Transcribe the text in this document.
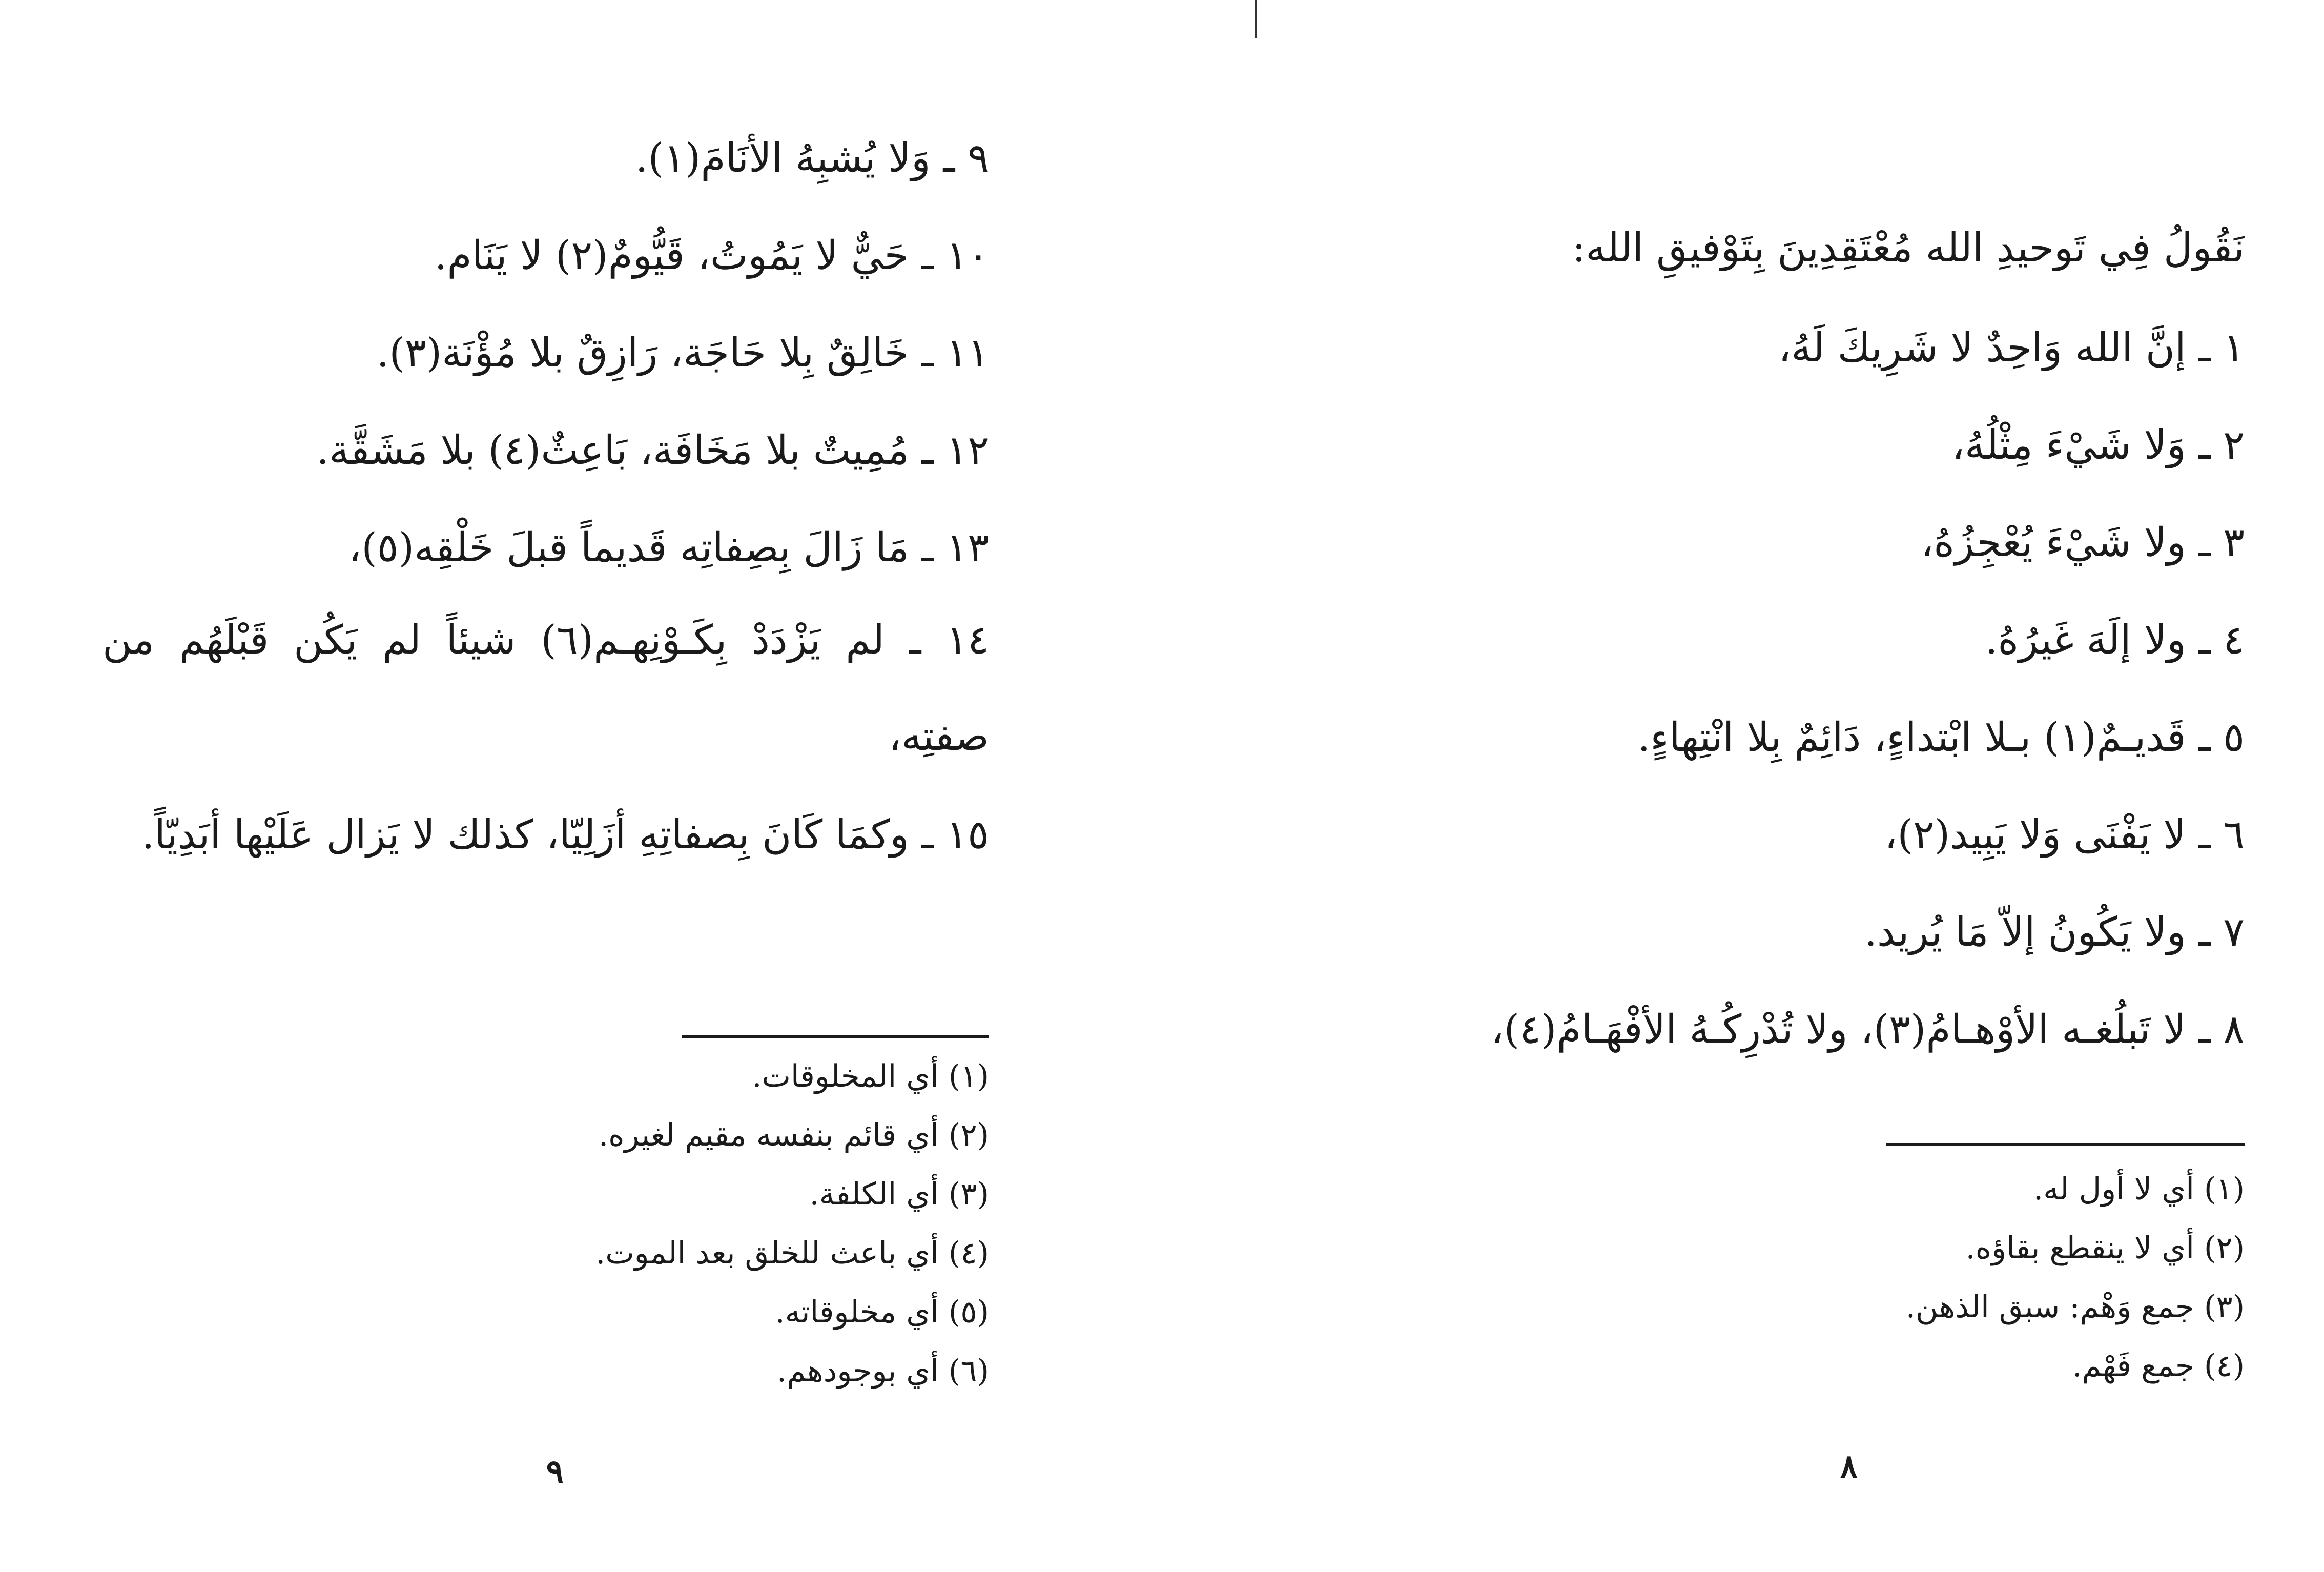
٩ ـ وَلا يُشبِهُ الأنَامَ(١).
١٠ ـ حَيٌّ لا يَمُوتُ، قَيُّومٌ(٢) لا يَنَام.
١١ ـ خَالِقٌ بِلا حَاجَة، رَازِقٌ بلا مُؤْنَة(٣).
١٢ ـ مُمِيتٌ بلا مَخَافَة، بَاعِثٌ(٤) بلا مَشَقَّة.
١٣ ـ مَا زَالَ بِصِفاتِه قَديماً قبلَ خَلْقِه(٥)،
١٤ ـ لم يَزْدَدْ بِكَـوْنِهـم(٦) شيئاً لم يَكُن قَبْلَهُم من صفتِه،
١٥ ـ وكمَا كَانَ بِصفاتِهِ أزَلِيّا، كذلك لا يَزال عَلَيْها أبَدِيّاً.
(١) أي المخلوقات.
(٢) أي قائم بنفسه مقيم لغيره.
(٣) أي الكلفة.
(٤) أي باعث للخلق بعد الموت.
(٥) أي مخلوقاته.
(٦) أي بوجودهم.
٩
نَقُولُ فِي تَوحيدِ الله مُعْتَقِدِينَ بِتَوْفيقِ الله:
١ ـ إنَّ الله وَاحِدٌ لا شَرِيكَ لَهُ،
٢ ـ وَلا شَيْءَ مِثْلُهُ،
٣ ـ ولا شَيْءَ يُعْجِزُهُ،
٤ ـ ولا إلَهَ غَيرُهُ.
٥ ـ قَديـمٌ(١) بـلا ابْتداءٍ، دَائِمٌ بِلا انْتِهاءٍ.
٦ ـ لا يَفْنَى وَلا يَبِيد(٢)،
٧ ـ ولا يَكُونُ إلاّ مَا يُريد.
٨ ـ لا تَبلُغـه الأوْهـامُ(٣)، ولا تُدْرِكُـهُ الأفْهَـامُ(٤)،
(١) أي لا أول له.
(٢) أي لا ينقطع بقاؤه.
(٣) جمع وَهْم: سبق الذهن.
(٤) جمع فَهْم.
٨
